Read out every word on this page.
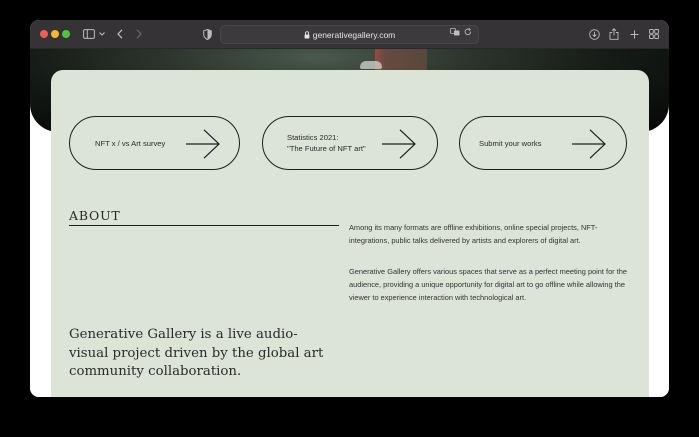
generativegallery.com
NFT x / vs Art survey
Statistics 2021:
"The Future of NFT art"
Submit your works
ABOUT
Among its many formats are offline exhibitions, online special projects, NFT-integrations, public talks delivered by artists and explorers of digital art.
Generative Gallery offers various spaces that serve as a perfect meeting point for the audience, providing a unique opportunity for digital art to go offline while allowing the viewer to experience interaction with technological art.
Generative Gallery is a live audio-visual project driven by the global art community collaboration.
